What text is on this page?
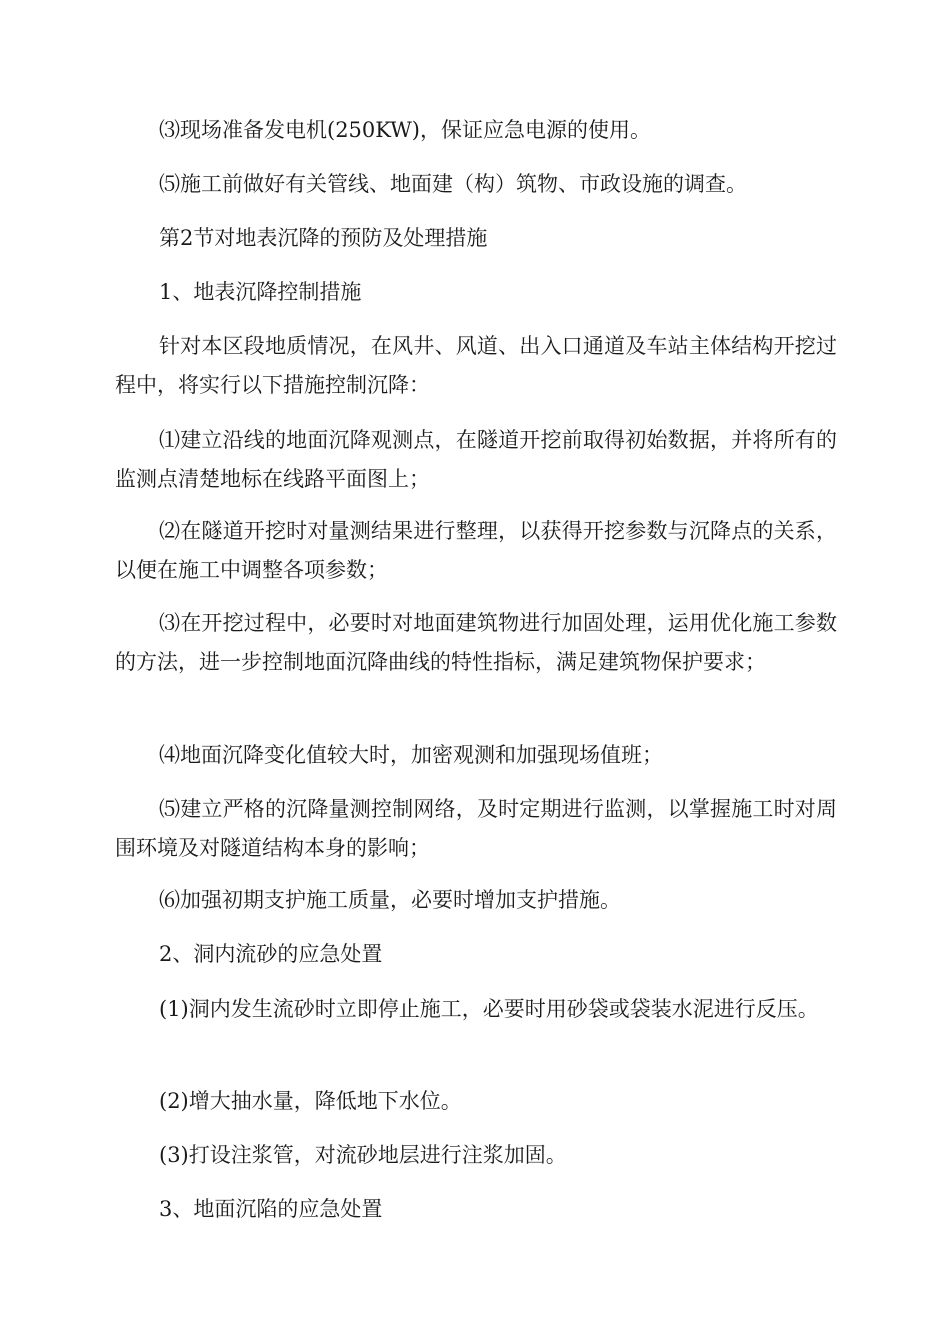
⑶现场准备发电机(250KW)，保证应急电源的使用。

⑸施工前做好有关管线、地面建（构）筑物、市政设施的调查。

第2节对地表沉降的预防及处理措施

1、地表沉降控制措施

针对本区段地质情况，在风井、风道、出入口通道及车站主体结构开挖过程中，将实行以下措施控制沉降：

⑴建立沿线的地面沉降观测点，在隧道开挖前取得初始数据，并将所有的监测点清楚地标在线路平面图上；

⑵在隧道开挖时对量测结果进行整理，以获得开挖参数与沉降点的关系，以便在施工中调整各项参数；

⑶在开挖过程中，必要时对地面建筑物进行加固处理，运用优化施工参数的方法，进一步控制地面沉降曲线的特性指标，满足建筑物保护要求；

⑷地面沉降变化值较大时，加密观测和加强现场值班；

⑸建立严格的沉降量测控制网络，及时定期进行监测，以掌握施工时对周围环境及对隧道结构本身的影响；

⑹加强初期支护施工质量，必要时增加支护措施。

2、洞内流砂的应急处置

(1)洞内发生流砂时立即停止施工，必要时用砂袋或袋装水泥进行反压。

(2)增大抽水量，降低地下水位。

(3)打设注浆管，对流砂地层进行注浆加固。

3、地面沉陷的应急处置
